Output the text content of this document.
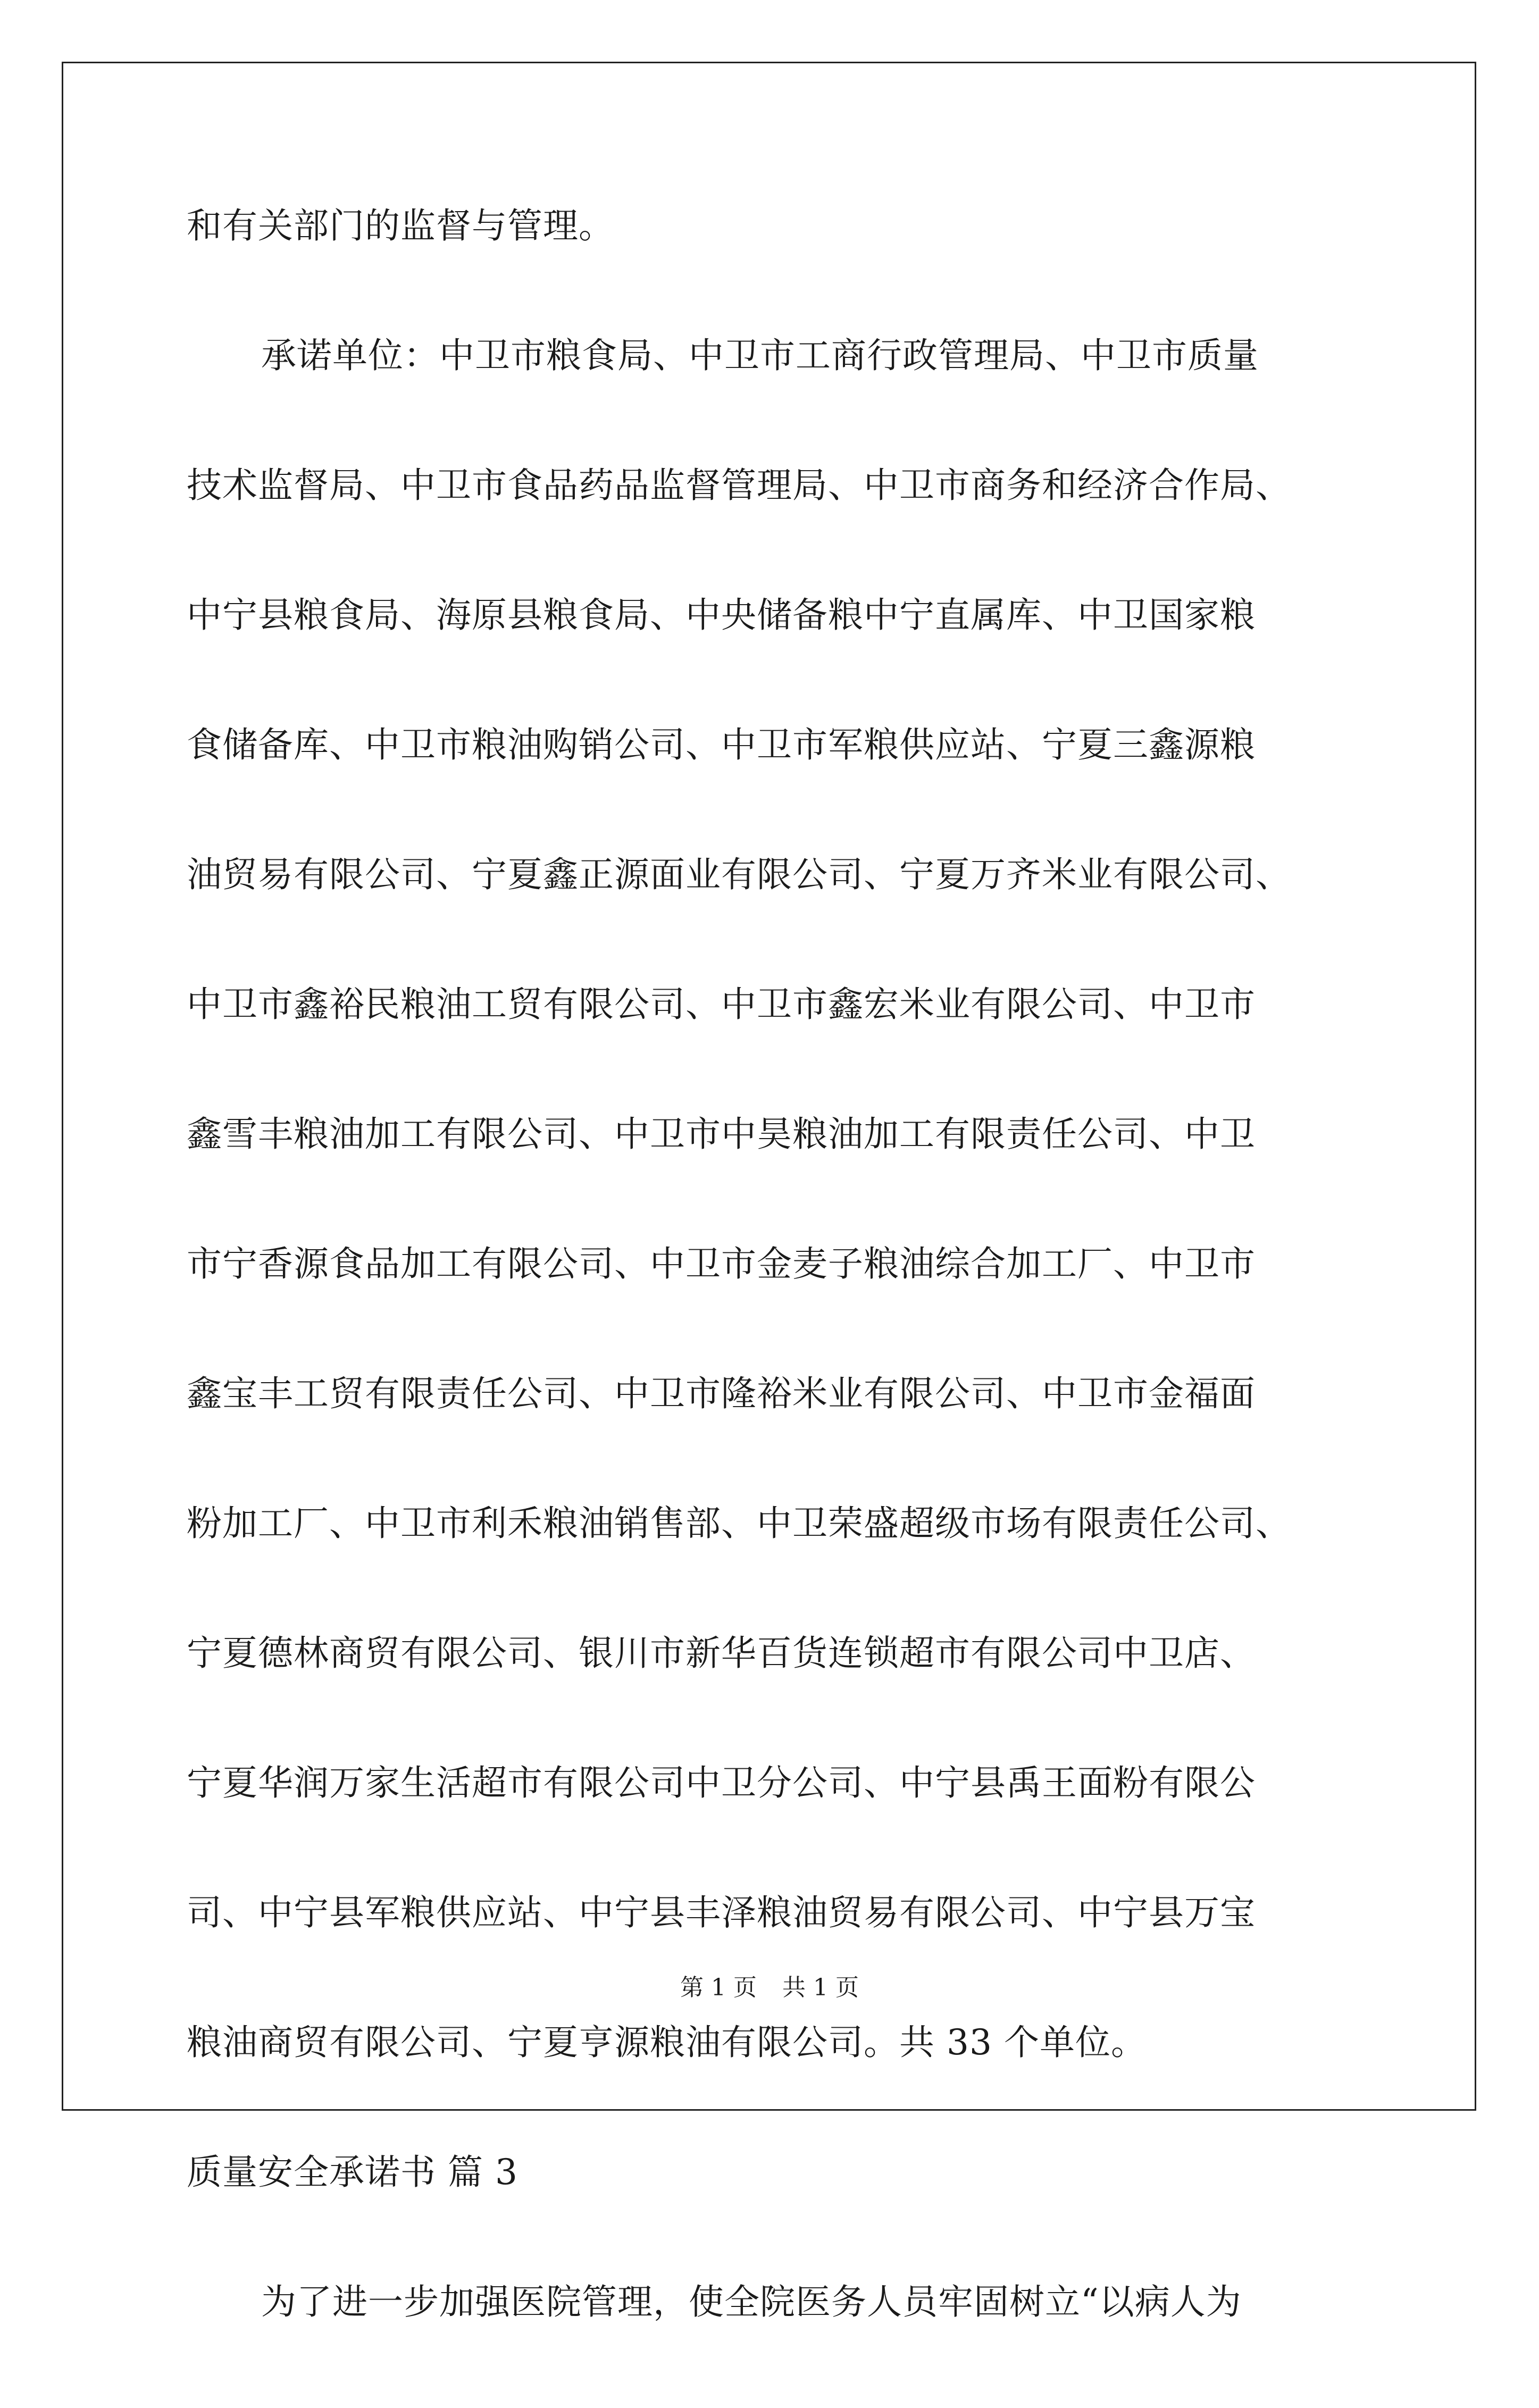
和有关部门的监督与管理。
承诺单位：中卫市粮食局、中卫市工商行政管理局、中卫市质量
技术监督局、中卫市食品药品监督管理局、中卫市商务和经济合作局、
中宁县粮食局、海原县粮食局、中央储备粮中宁直属库、中卫国家粮
食储备库、中卫市粮油购销公司、中卫市军粮供应站、宁夏三鑫源粮
油贸易有限公司、宁夏鑫正源面业有限公司、宁夏万齐米业有限公司、
中卫市鑫裕民粮油工贸有限公司、中卫市鑫宏米业有限公司、中卫市
鑫雪丰粮油加工有限公司、中卫市中昊粮油加工有限责任公司、中卫
市宁香源食品加工有限公司、中卫市金麦子粮油综合加工厂、中卫市
鑫宝丰工贸有限责任公司、中卫市隆裕米业有限公司、中卫市金福面
粉加工厂、中卫市利禾粮油销售部、中卫荣盛超级市场有限责任公司、
宁夏德林商贸有限公司、银川市新华百货连锁超市有限公司中卫店、
宁夏华润万家生活超市有限公司中卫分公司、中宁县禹王面粉有限公
司、中宁县军粮供应站、中宁县丰泽粮油贸易有限公司、中宁县万宝
粮油商贸有限公司、宁夏亨源粮油有限公司。共 33 个单位。
质量安全承诺书 篇 3
为了进一步加强医院管理，使全院医务人员牢固树立“以病人为
第 1 页 共 1 页
